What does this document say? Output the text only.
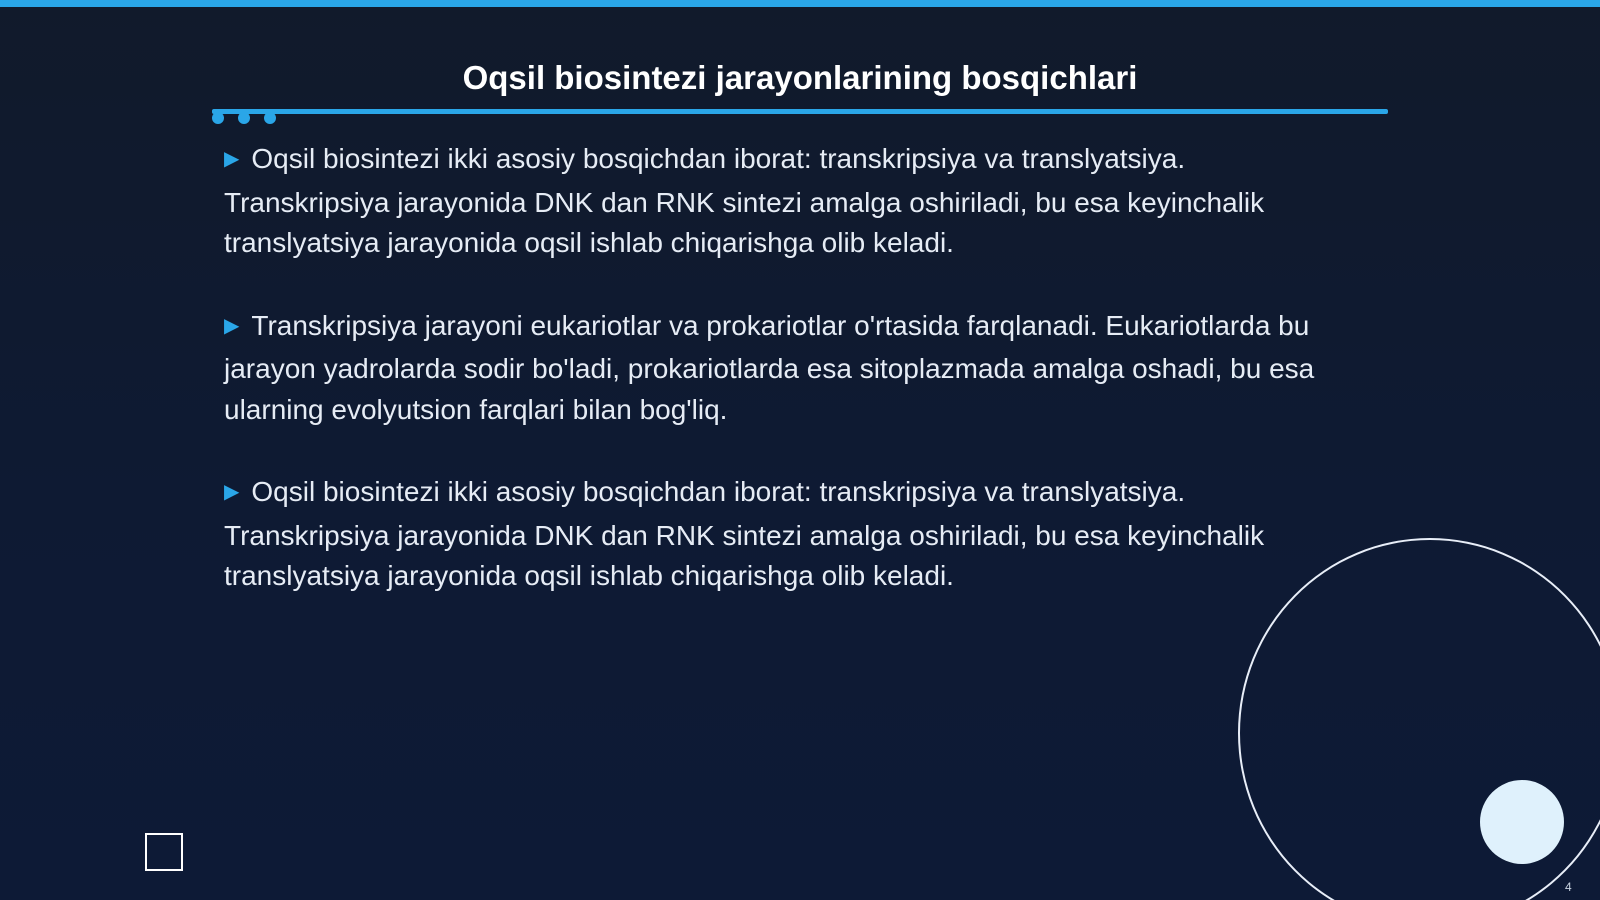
Oqsil biosintezi jarayonlarining bosqichlari
▶ Oqsil biosintezi ikki asosiy bosqichdan iborat: transkripsiya va translyatsiya. Transkripsiya jarayonida DNK dan RNK sintezi amalga oshiriladi, bu esa keyinchalik translyatsiya jarayonida oqsil ishlab chiqarishga olib keladi.
▶ Transkripsiya jarayoni eukariotlar va prokariotlar o'rtasida farqlanadi. Eukariotlarda bu jarayon yadrolarda sodir bo'ladi, prokariotlarda esa sitoplazmada amalga oshadi, bu esa ularning evolyutsion farqlari bilan bog'liq.
▶ Oqsil biosintezi ikki asosiy bosqichdan iborat: transkripsiya va translyatsiya. Transkripsiya jarayonida DNK dan RNK sintezi amalga oshiriladi, bu esa keyinchalik translyatsiya jarayonida oqsil ishlab chiqarishga olib keladi.
4
